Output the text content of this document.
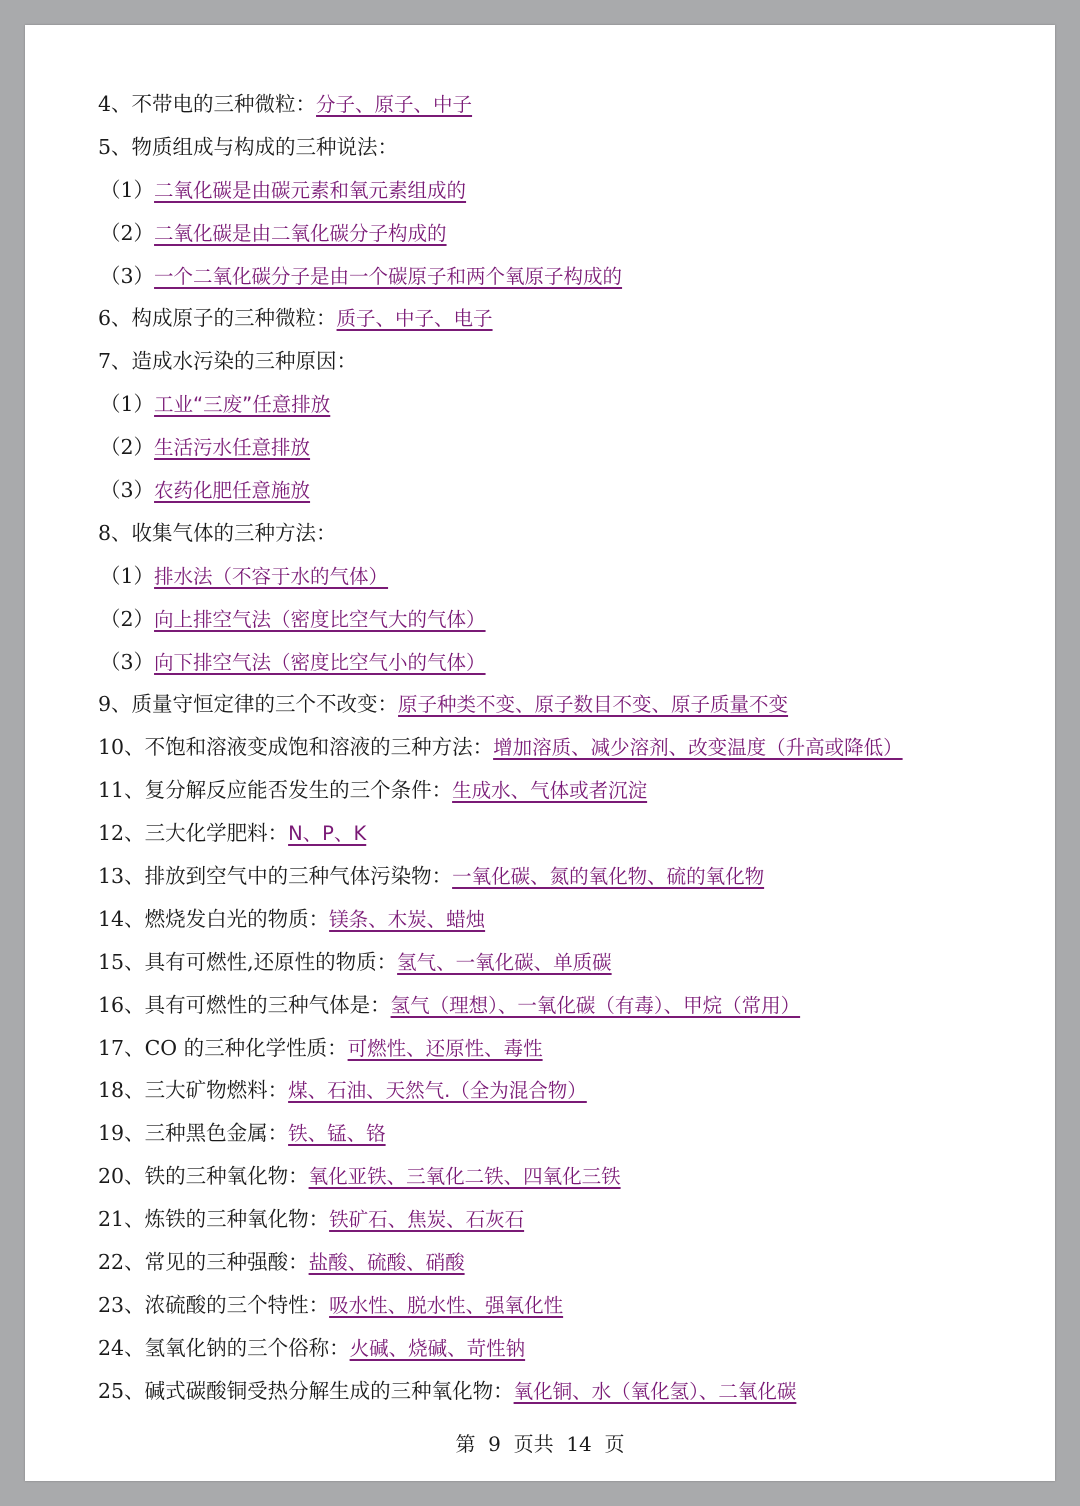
4、不带电的三种微粒：分子、原子、中子
5、物质组成与构成的三种说法：
（1）二氧化碳是由碳元素和氧元素组成的
（2）二氧化碳是由二氧化碳分子构成的
（3）一个二氧化碳分子是由一个碳原子和两个氧原子构成的
6、构成原子的三种微粒：质子、中子、电子
7、造成水污染的三种原因：
（1）工业“三废”任意排放
（2）生活污水任意排放
（3）农药化肥任意施放
8、收集气体的三种方法：
（1）排水法（不容于水的气体）
（2）向上排空气法（密度比空气大的气体）
（3）向下排空气法（密度比空气小的气体）
9、质量守恒定律的三个不改变：原子种类不变、原子数目不变、原子质量不变
10、不饱和溶液变成饱和溶液的三种方法：增加溶质、减少溶剂、改变温度（升高或降低）
11、复分解反应能否发生的三个条件：生成水、气体或者沉淀
12、三大化学肥料：N、P、K
13、排放到空气中的三种气体污染物：一氧化碳、氮的氧化物、硫的氧化物
14、燃烧发白光的物质：镁条、木炭、蜡烛
15、具有可燃性,还原性的物质：氢气、一氧化碳、单质碳
16、具有可燃性的三种气体是：氢气（理想）、一氧化碳（有毒）、甲烷（常用）
17、CO 的三种化学性质：可燃性、还原性、毒性
18、三大矿物燃料：煤、石油、天然气.（全为混合物）
19、三种黑色金属：铁、锰、铬
20、铁的三种氧化物：氧化亚铁、三氧化二铁、四氧化三铁
21、炼铁的三种氧化物：铁矿石、焦炭、石灰石
22、常见的三种强酸：盐酸、硫酸、硝酸
23、浓硫酸的三个特性：吸水性、脱水性、强氧化性
24、氢氧化钠的三个俗称：火碱、烧碱、苛性钠
25、碱式碳酸铜受热分解生成的三种氧化物：氧化铜、水（氧化氢）、二氧化碳
第  9  页共  14  页
